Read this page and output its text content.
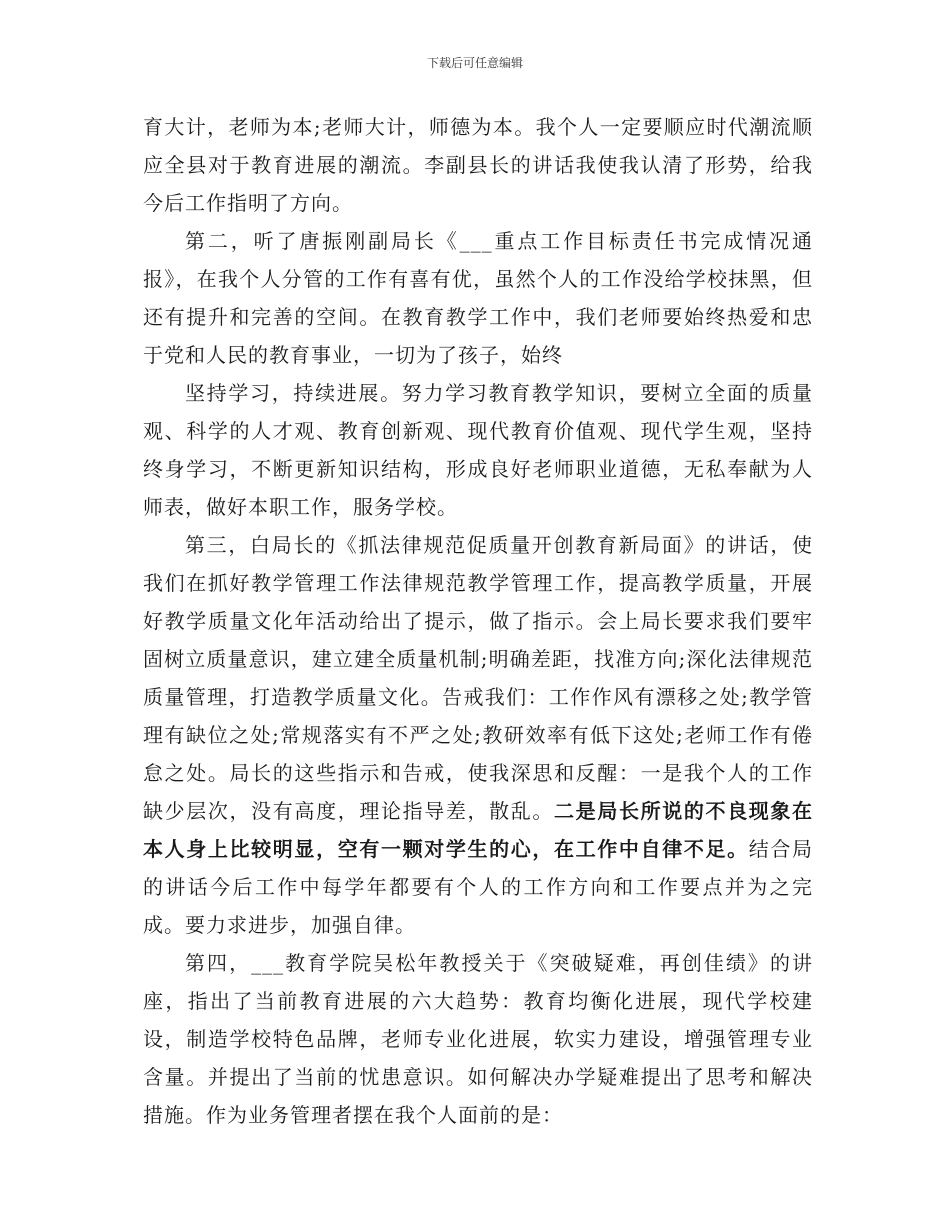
下载后可任意编辑

育大计，老师为本;老师大计，师德为本。我个人一定要顺应时代潮流顺应全县对于教育进展的潮流。李副县长的讲话我使我认清了形势，给我今后工作指明了方向。

第二，听了唐振刚副局长《___重点工作目标责任书完成情况通报》，在我个人分管的工作有喜有优，虽然个人的工作没给学校抹黑，但还有提升和完善的空间。在教育教学工作中，我们老师要始终热爱和忠于党和人民的教育事业，一切为了孩子，始终

坚持学习，持续进展。努力学习教育教学知识，要树立全面的质量观、科学的人才观、教育创新观、现代教育价值观、现代学生观，坚持终身学习，不断更新知识结构，形成良好老师职业道德，无私奉献为人师表，做好本职工作，服务学校。

第三，白局长的《抓法律规范促质量开创教育新局面》的讲话，使我们在抓好教学管理工作法律规范教学管理工作，提高教学质量，开展好教学质量文化年活动给出了提示，做了指示。会上局长要求我们要牢固树立质量意识，建立建全质量机制;明确差距，找准方向;深化法律规范质量管理，打造教学质量文化。告戒我们：工作作风有漂移之处;教学管理有缺位之处;常规落实有不严之处;教研效率有低下这处;老师工作有倦怠之处。局长的这些指示和告戒，使我深思和反醒：一是我个人的工作缺少层次，没有高度，理论指导差，散乱。二是局长所说的不良现象在本人身上比较明显，空有一颗对学生的心，在工作中自律不足。结合局的讲话今后工作中每学年都要有个人的工作方向和工作要点并为之完成。要力求进步，加强自律。

第四，___教育学院吴松年教授关于《突破疑难，再创佳绩》的讲座，指出了当前教育进展的六大趋势：教育均衡化进展，现代学校建设，制造学校特色品牌，老师专业化进展，软实力建设，增强管理专业含量。并提出了当前的忧患意识。如何解决办学疑难提出了思考和解决措施。作为业务管理者摆在我个人面前的是：
